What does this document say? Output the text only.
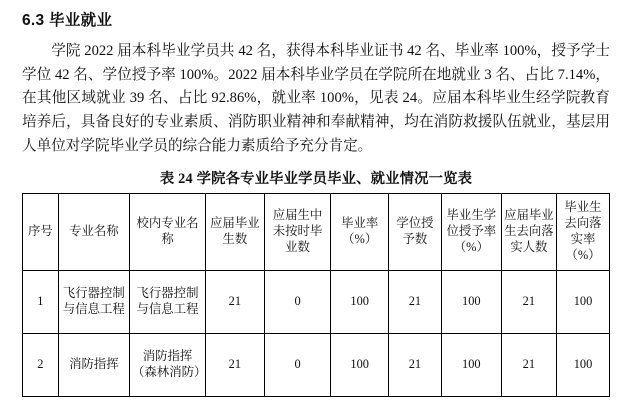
6.3 毕业就业

学院 2022 届本科毕业学员共 42 名，获得本科毕业证书 42 名、毕业率 100%，授予学士学位 42 名、学位授予率 100%。2022 届本科毕业学员在学院所在地就业 3 名、占比 7.14%，在其他区域就业 39 名、占比 92.86%，就业率 100%，见表 24。应届本科毕业生经学院教育培养后，具备良好的专业素质、消防职业精神和奉献精神，均在消防救援队伍就业，基层用人单位对学院毕业学员的综合能力素质给予充分肯定。

表 24 学院各专业毕业学员毕业、就业情况一览表
序号	专业名称	校内专业名称	应届毕业生数	应届生中未按时毕业数	毕业率（%）	学位授予数	毕业生学位授予率（%）	应届毕业生去向落实人数	毕业生去向落实率（%）
1	飞行器控制与信息工程	飞行器控制与信息工程	21	0	100	21	100	21	100
2	消防指挥	消防指挥（森林消防）	21	0	100	21	100	21	100
